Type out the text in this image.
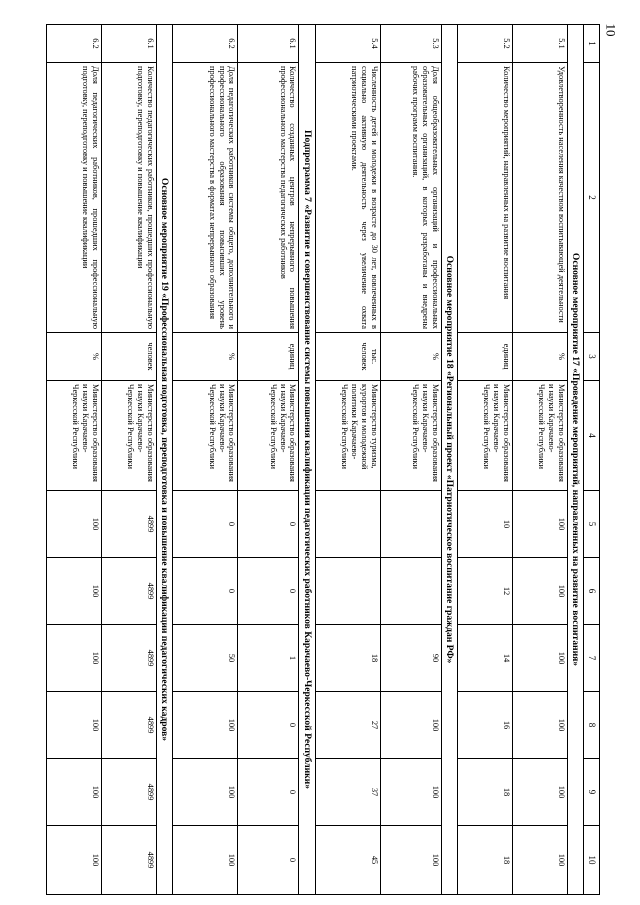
10
1	2	3	4	5	6	7	8	9	10
Основное мероприятие 17 «Проведение мероприятий, направленных на развитие воспитания»									
5.1	Удовлетворенность населения качеством воспитывающей деятельности	%	Министерство образования и науки Карачаево-Черкесской Республики	100	100	100	100	100	100
5.2	Количество мероприятий, направленных на развитие воспитания	единиц	Министерство образования и науки Карачаево-Черкесской Республики	10	12	14	16	18	18
Основное мероприятие 18 «Региональный проект «Патриотическое воспитание граждан РФ»									
5.3	Доля общеобразовательных организаций и профессиональных образовательных организаций, в которых разработаны и внедрены рабочих программ воспитания.	%	Министерство образования и науки Карачаево-Черкесской Республики			90	100	100	100
5.4	Численность детей и молодежи в возрасте до 30 лет, вовлеченных в социально активную деятельность через увеличение охвата патриотическими проектами.	тыс. человек	Министерство туризма, курортов и молодежной политики Карачаево-Черкесской Республики			18	27	37	45
Подпрограмма 7 «Развитие и совершенствование системы повышения квалификации педагогических работников Карачаево-Черкесской Республики»									
6.1	Количество созданных центров непрерывного повышения профессионального мастерства педагогических работников	единиц	Министерство образования и науки Карачаево-Черкесской Республики	0	0	1	0	0	0
6.2	Доля педагогических работников системы общего, дополнительного и профессионального образования повысивших уровень профессионального мастерства в форматах непрерывного образования	%	Министерство образования и науки Карачаево-Черкесской Республики	0	0	50	100	100	100
Основное мероприятие 19 «Профессиональная подготовка, переподготовка и повышение квалификации педагогических кадров»									
6.1	Количество педагогических работников, прошедших профессиональную подготовку, переподготовку и повышение квалификации	человек	Министерство образования и науки Карачаево-Черкесской Республики	4899	4899	4899	4899	4899	4899
6.2	Доля педагогических работников, прошедших профессиональную подготовку, переподготовку и повышение квалификации	%	Министерство образования и науки Карачаево-Черкесской Республики	100	100	100	100	100	100
